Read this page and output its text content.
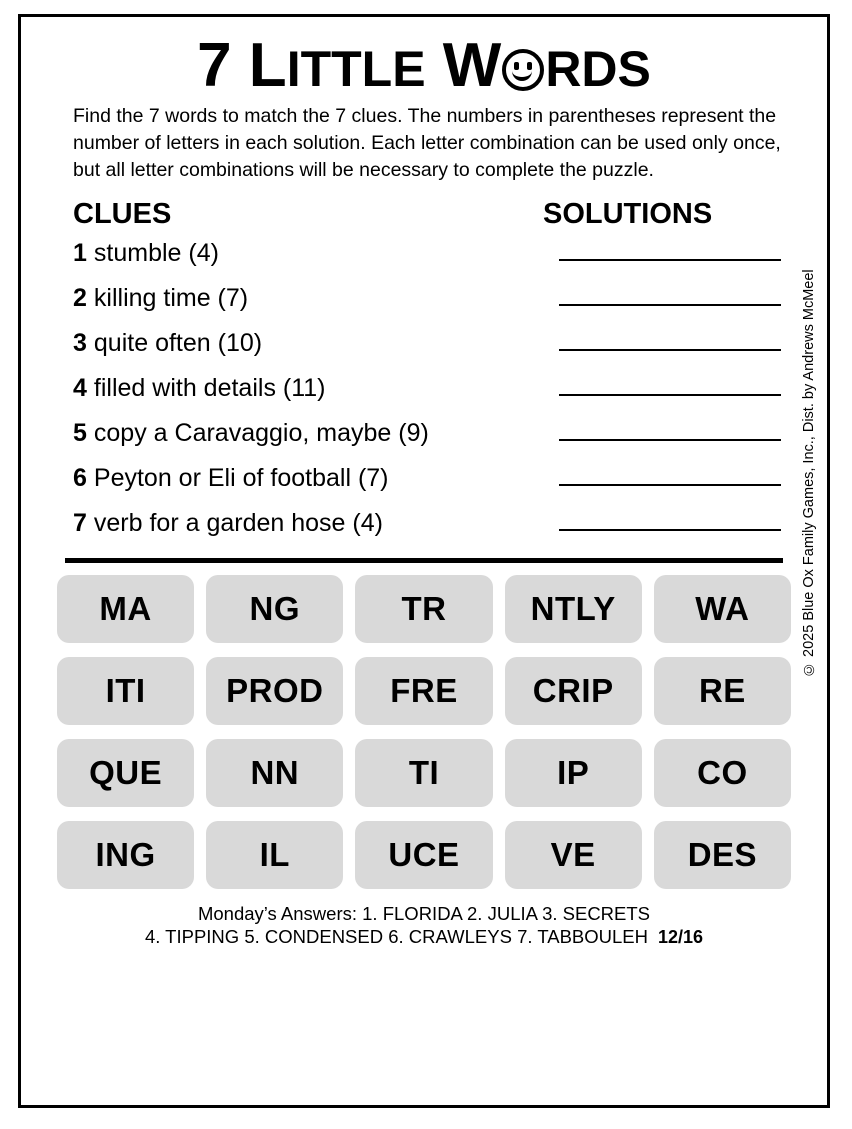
7 LITTLE W RDS
Find the 7 words to match the 7 clues. The numbers in parentheses represent the number of letters in each solution. Each letter combination can be used only once, but all letter combinations will be necessary to complete the puzzle.
CLUES	SOLUTIONS
1 stumble (4)
2 killing time (7)
3 quite often (10)
4 filled with details (11)
5 copy a Caravaggio, maybe (9)
6 Peyton or Eli of football (7)
7 verb for a garden hose (4)
MA	NG	TR	NTLY	WA
ITI	PROD	FRE	CRIP	RE
QUE	NN	TI	IP	CO
ING	IL	UCE	VE	DES
Monday’s Answers: 1. FLORIDA 2. JULIA 3. SECRETS
4. TIPPING 5. CONDENSED 6. CRAWLEYS 7. TABBOULEH 12/16
© 2025 Blue Ox Family Games, Inc., Dist. by Andrews McMeel
